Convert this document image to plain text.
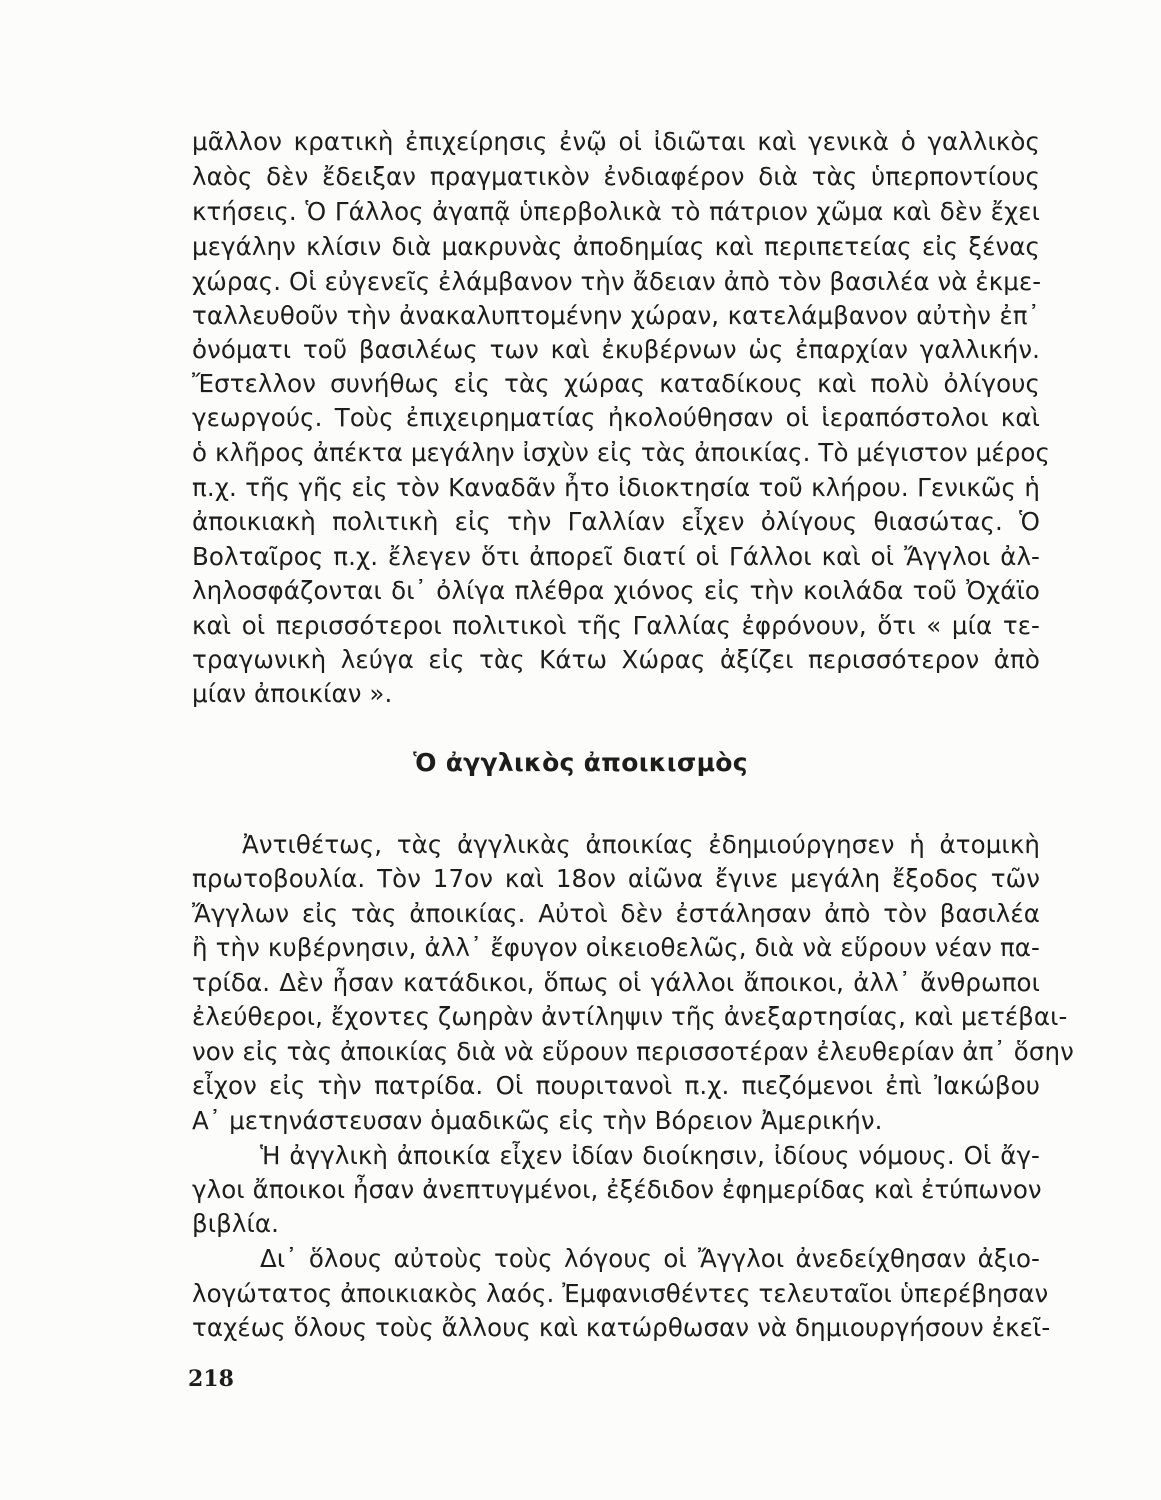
μᾶλλον κρατικὴ ἐπιχείρησις ἐνῷ οἱ ἰδιῶται καὶ γενικὰ ὁ γαλλικὸς
λαὸς δὲν ἔδειξαν πραγματικὸν ἐνδιαφέρον διὰ τὰς ὑπερποντίους
κτήσεις. Ὁ Γάλλος ἀγαπᾷ ὑπερβολικὰ τὸ πάτριον χῶμα καὶ δὲν ἔχει
μεγάλην κλίσιν διὰ μακρυνὰς ἀποδημίας καὶ περιπετείας εἰς ξένας
χώρας. Οἱ εὐγενεῖς ἐλάμβανον τὴν ἄδειαν ἀπὸ τὸν βασιλέα νὰ ἐκμε-
ταλλευθοῦν τὴν ἀνακαλυπτομένην χώραν, κατελάμβανον αὐτὴν ἐπ᾿
ὀνόματι τοῦ βασιλέως των καὶ ἐκυβέρνων ὡς ἐπαρχίαν γαλλικήν.
Ἔστελλον συνήθως εἰς τὰς χώρας καταδίκους καὶ πολὺ ὀλίγους
γεωργούς. Τοὺς ἐπιχειρηματίας ἠκολούθησαν οἱ ἱεραπόστολοι καὶ
ὁ κλῆρος ἀπέκτα μεγάλην ἰσχὺν εἰς τὰς ἀποικίας. Τὸ μέγιστον μέρος
π.χ. τῆς γῆς εἰς τὸν Καναδᾶν ἦτο ἰδιοκτησία τοῦ κλήρου. Γενικῶς ἡ
ἀποικιακὴ πολιτικὴ εἰς τὴν Γαλλίαν εἶχεν ὀλίγους θιασώτας. Ὁ
Βολταῖρος π.χ. ἔλεγεν ὅτι ἀπορεῖ διατί οἱ Γάλλοι καὶ οἱ Ἄγγλοι ἀλ-
ληλοσφάζονται δι᾿ ὀλίγα πλέθρα χιόνος εἰς τὴν κοιλάδα τοῦ Ὀχάϊο
καὶ οἱ περισσότεροι πολιτικοὶ τῆς Γαλλίας ἐφρόνουν, ὅτι « μία τε-
τραγωνικὴ λεύγα εἰς τὰς Κάτω Χώρας ἀξίζει περισσότερον ἀπὸ
μίαν ἀποικίαν ».
Ὁ ἀγγλικὸς ἀποικισμὸς
Ἀντιθέτως, τὰς ἀγγλικὰς ἀποικίας ἐδημιούργησεν ἡ ἀτομικὴ
πρωτοβουλία. Τὸν 17ον καὶ 18ον αἰῶνα ἔγινε μεγάλη ἔξοδος τῶν
Ἄγγλων εἰς τὰς ἀποικίας. Αὐτοὶ δὲν ἐστάλησαν ἀπὸ τὸν βασιλέα
ἢ τὴν κυβέρνησιν, ἀλλ᾿ ἔφυγον οἰκειοθελῶς, διὰ νὰ εὕρουν νέαν πα-
τρίδα. Δὲν ἦσαν κατάδικοι, ὅπως οἱ γάλλοι ἄποικοι, ἀλλ᾿ ἄνθρωποι
ἐλεύθεροι, ἔχοντες ζωηρὰν ἀντίληψιν τῆς ἀνεξαρτησίας, καὶ μετέβαι-
νον εἰς τὰς ἀποικίας διὰ νὰ εὕρουν περισσοτέραν ἐλευθερίαν ἀπ᾿ ὅσην
εἶχον εἰς τὴν πατρίδα. Οἱ πουριτανοὶ π.χ. πιεζόμενοι ἐπὶ Ἰακώβου
Α᾿ μετηνάστευσαν ὁμαδικῶς εἰς τὴν Βόρειον Ἀμερικήν.
Ἡ ἀγγλικὴ ἀποικία εἶχεν ἰδίαν διοίκησιν, ἰδίους νόμους. Οἱ ἄγ-
γλοι ἄποικοι ἦσαν ἀνεπτυγμένοι, ἐξέδιδον ἐφημερίδας καὶ ἐτύπωνον
βιβλία.
Δι᾿ ὅλους αὐτοὺς τοὺς λόγους οἱ Ἄγγλοι ἀνεδείχθησαν ἀξιο-
λογώτατος ἀποικιακὸς λαός. Ἐμφανισθέντες τελευταῖοι ὑπερέβησαν
ταχέως ὅλους τοὺς ἄλλους καὶ κατώρθωσαν νὰ δημιουργήσουν ἐκεῖ-
218
